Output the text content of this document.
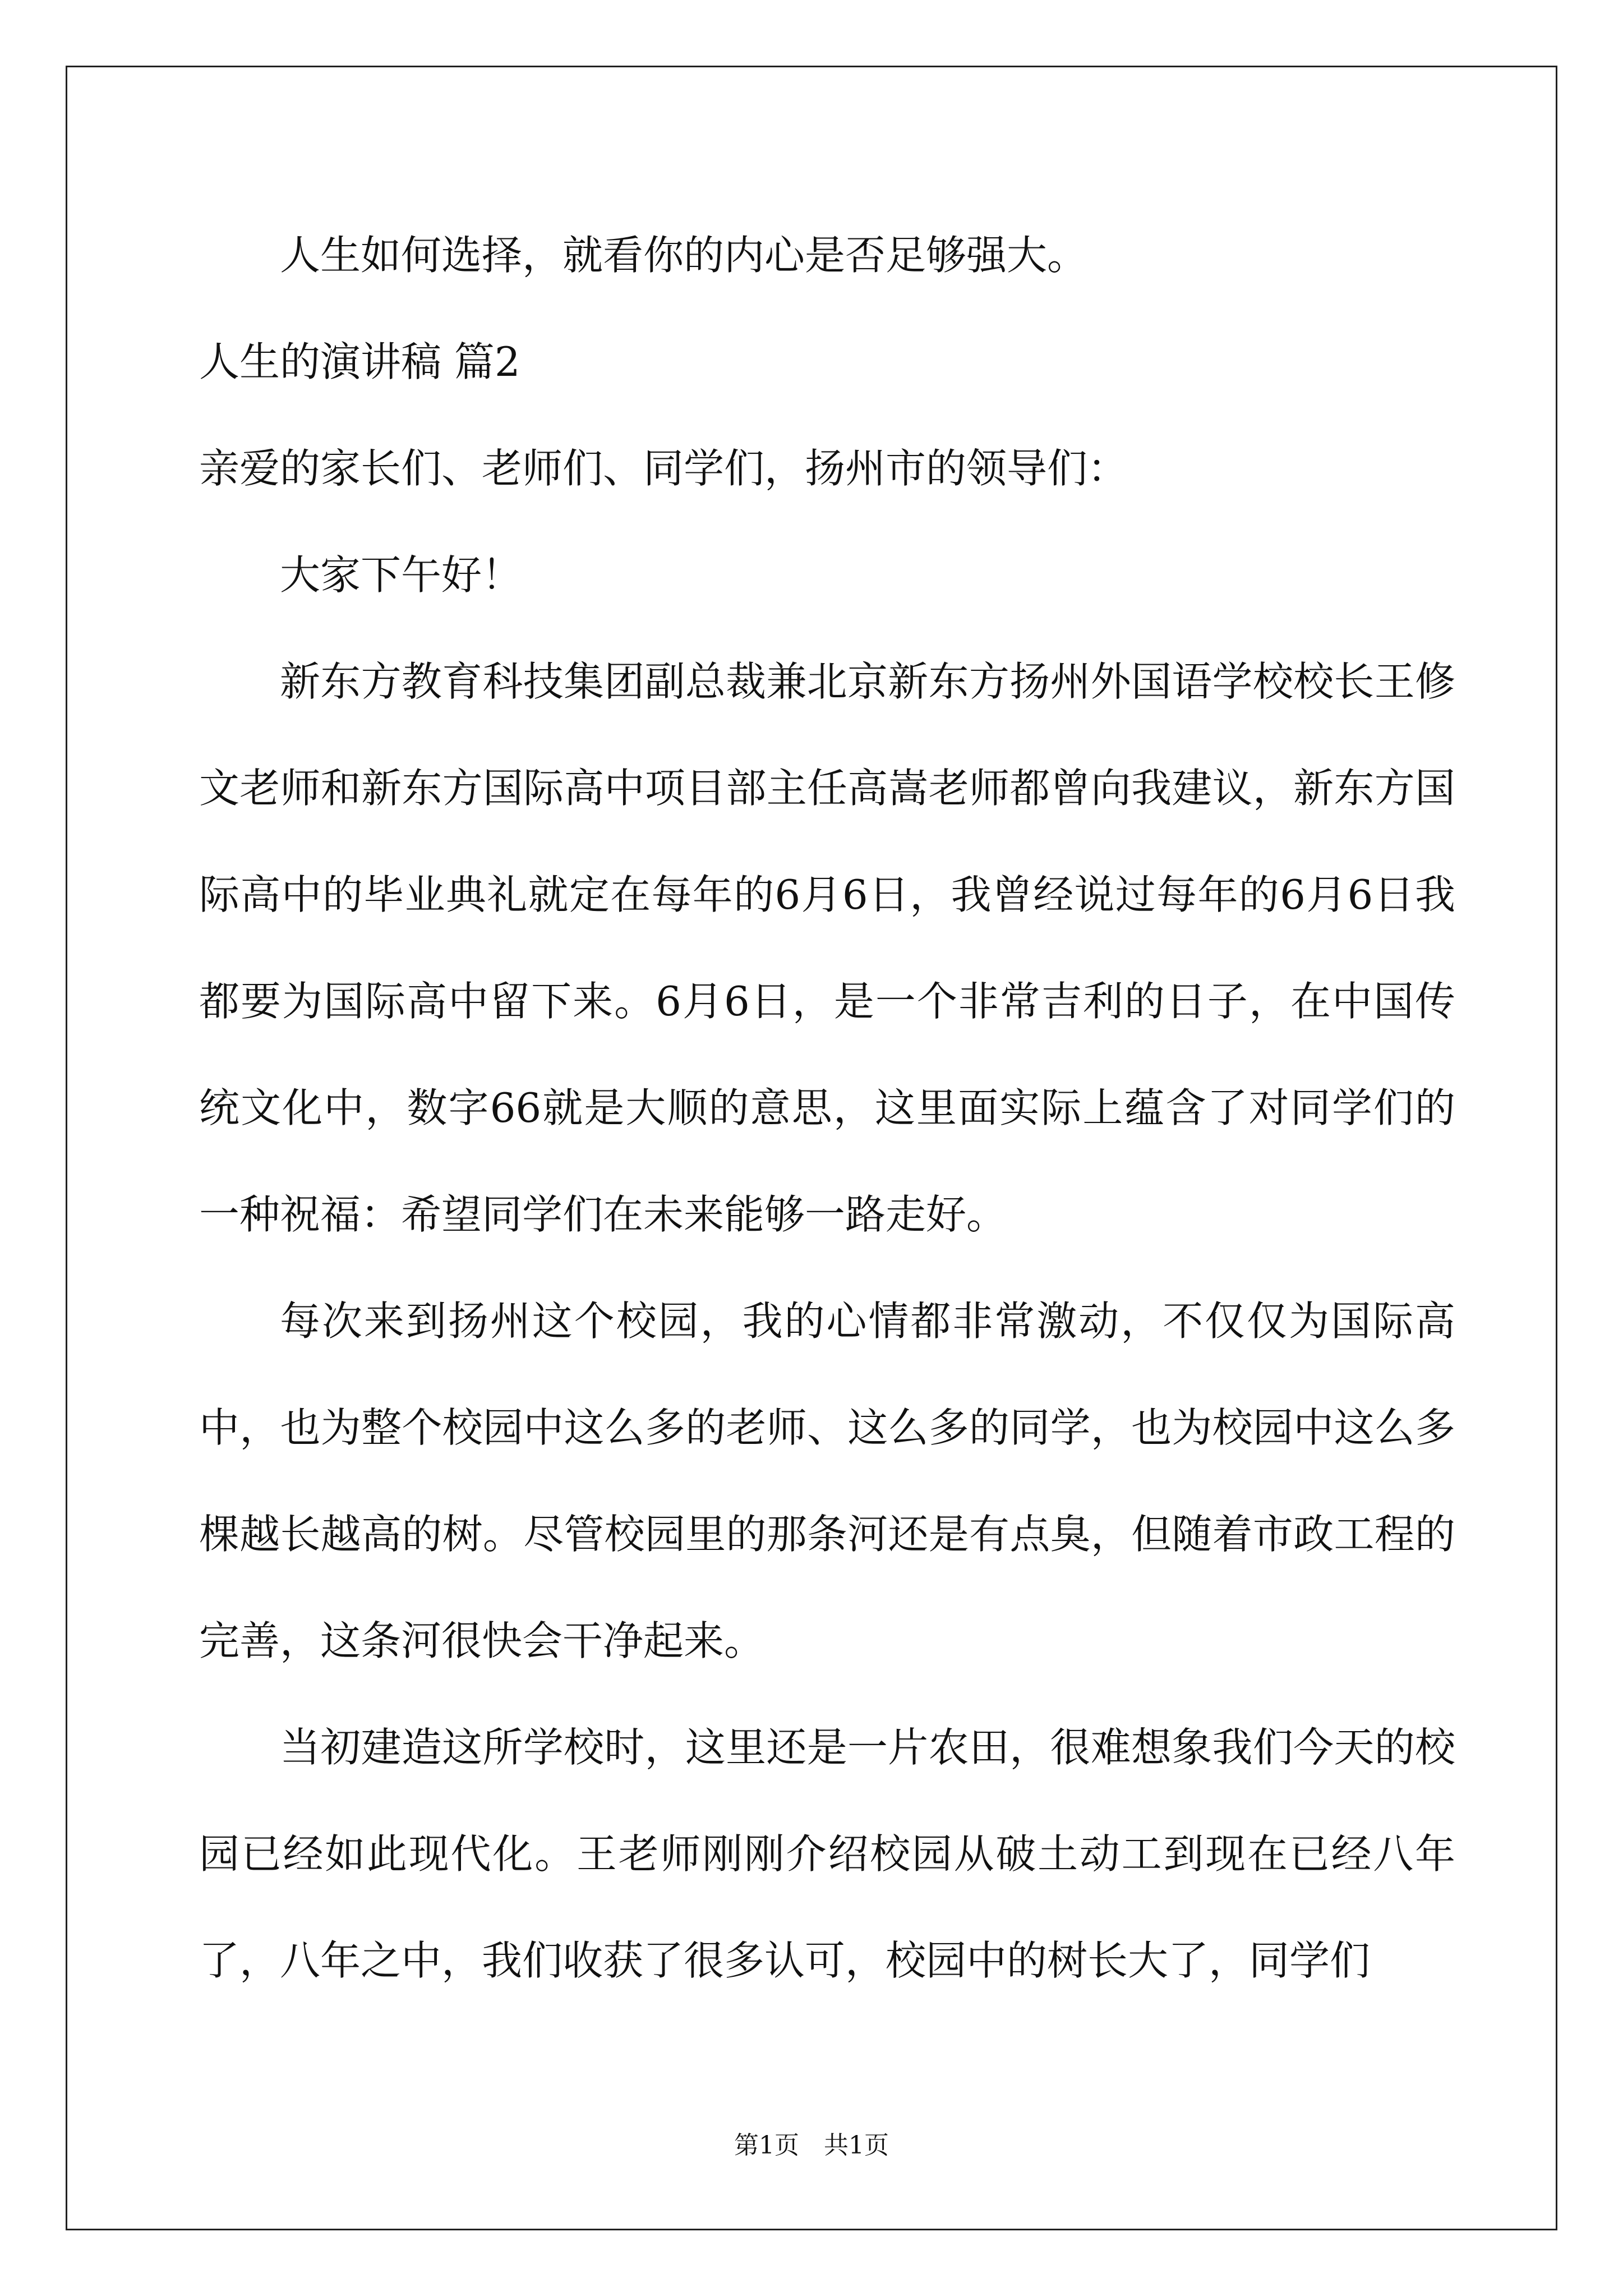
人生如何选择，就看你的内心是否足够强大。

人生的演讲稿 篇2

亲爱的家长们、老师们、同学们，扬州市的领导们：

大家下午好！

新东方教育科技集团副总裁兼北京新东方扬州外国语学校校长王修文老师和新东方国际高中项目部主任高嵩老师都曾向我建议，新东方国际高中的毕业典礼就定在每年的6月6日，我曾经说过每年的6月6日我都要为国际高中留下来。6月6日，是一个非常吉利的日子，在中国传统文化中，数字66就是大顺的意思，这里面实际上蕴含了对同学们的一种祝福：希望同学们在未来能够一路走好。

每次来到扬州这个校园，我的心情都非常激动，不仅仅为国际高中，也为整个校园中这么多的老师、这么多的同学，也为校园中这么多棵越长越高的树。尽管校园里的那条河还是有点臭，但随着市政工程的完善，这条河很快会干净起来。

当初建造这所学校时，这里还是一片农田，很难想象我们今天的校园已经如此现代化。王老师刚刚介绍校园从破土动工到现在已经八年了，八年之中，我们收获了很多认可，校园中的树长大了，同学们

第1页　共1页
